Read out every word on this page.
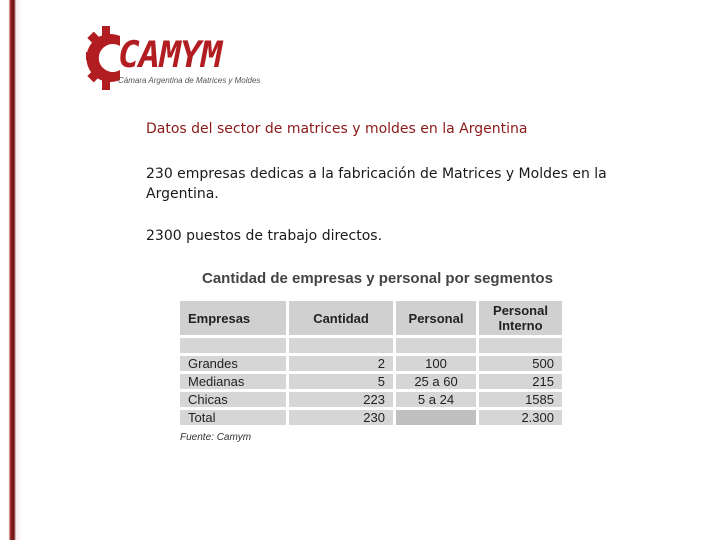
CAMYM
Cámara Argentina de Matrices y Moldes
Datos del sector de matrices y moldes en la Argentina
230 empresas dedicas a la fabricación de Matrices y Moldes en la Argentina.
2300 puestos de trabajo directos.
Cantidad de empresas y personal por segmentos
Empresas	Cantidad	Personal	Personal Interno

Grandes	2	100	500
Medianas	5	25 a 60	215
Chicas	223	5 a 24	1585
Total	230		2.300
Fuente: Camym
